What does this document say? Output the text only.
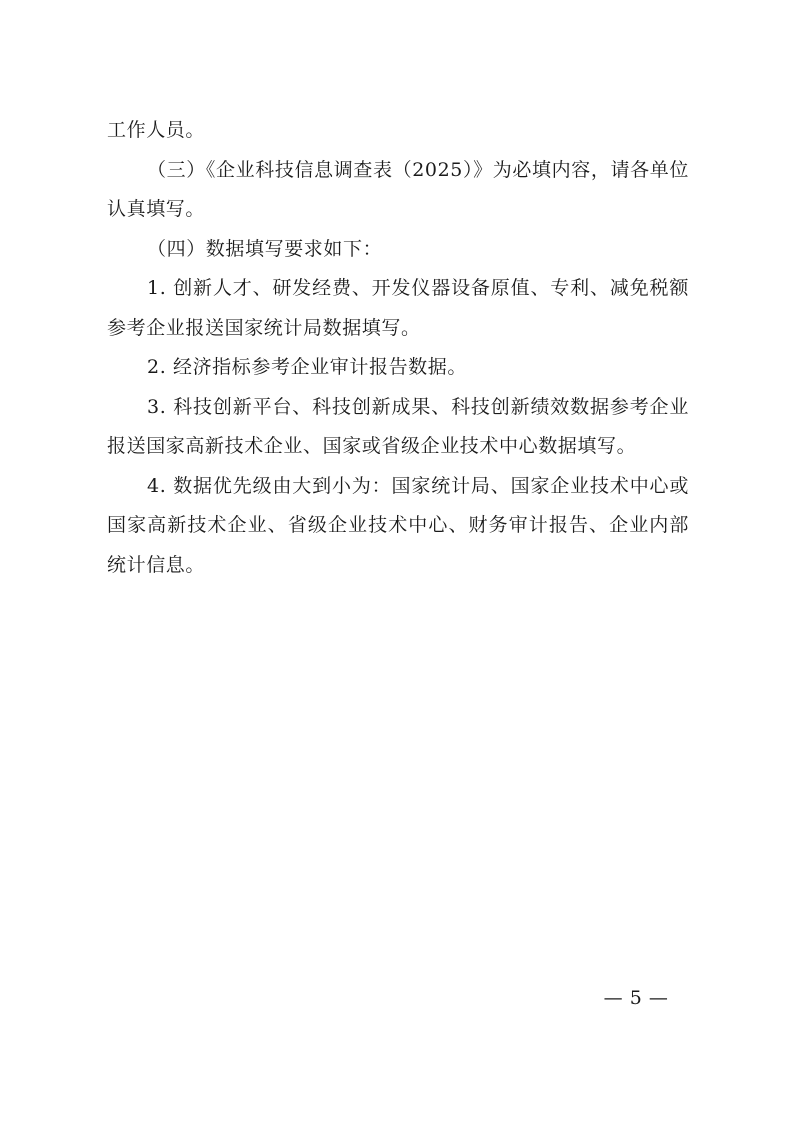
工作人员。

（三）《企业科技信息调查表（2025）》为必填内容，请各单位认真填写。

（四）数据填写要求如下：

1. 创新人才、研发经费、开发仪器设备原值、专利、减免税额参考企业报送国家统计局数据填写。

2. 经济指标参考企业审计报告数据。

3. 科技创新平台、科技创新成果、科技创新绩效数据参考企业报送国家高新技术企业、国家或省级企业技术中心数据填写。

4. 数据优先级由大到小为：国家统计局、国家企业技术中心或国家高新技术企业、省级企业技术中心、财务审计报告、企业内部统计信息。

— 5 —
